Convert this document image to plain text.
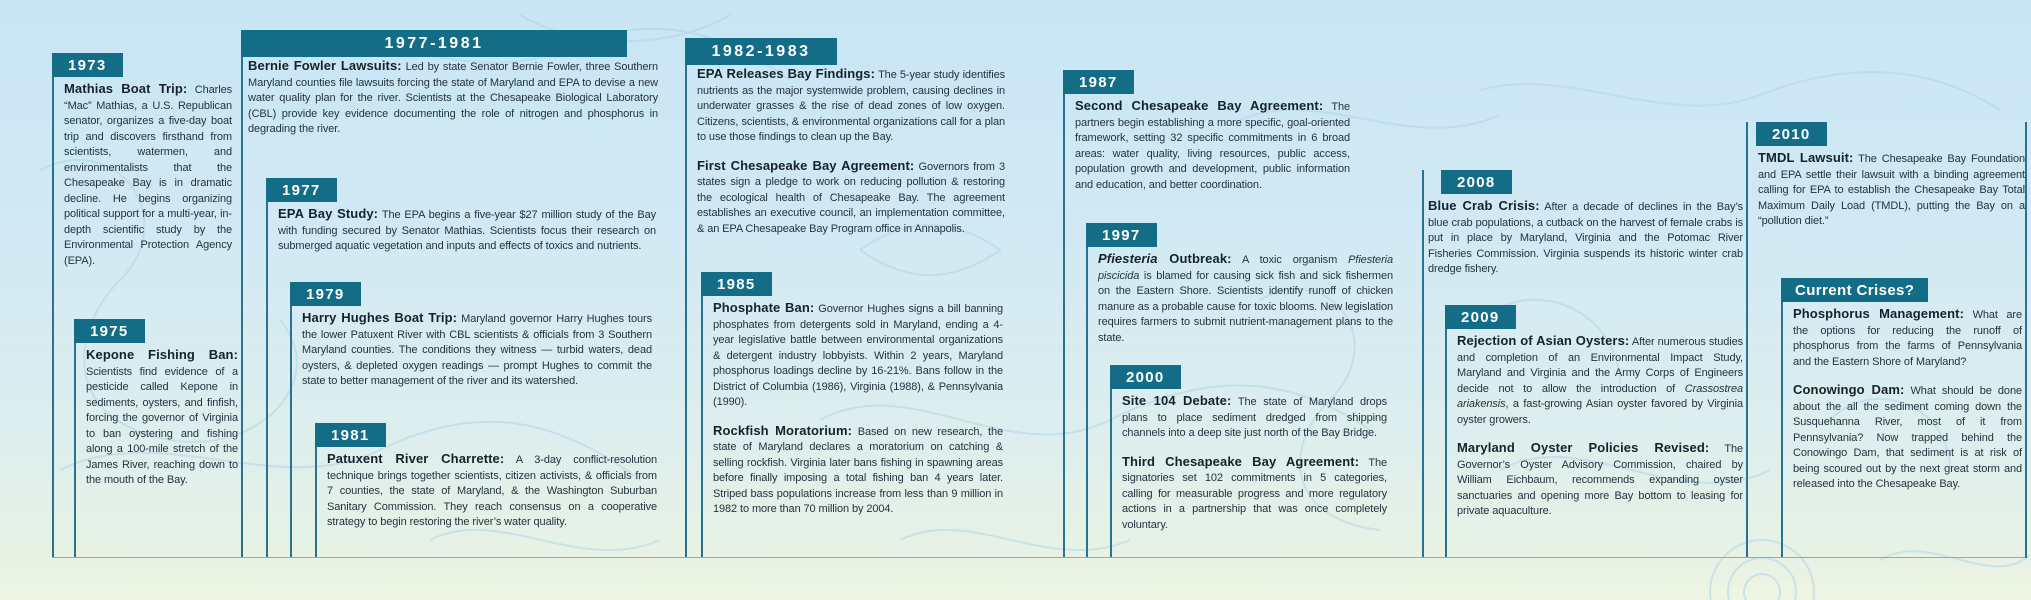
1973

Mathias Boat Trip: Charles “Mac” Mathias, a U.S. Republican senator, organizes a five-day boat trip and discovers firsthand from scientists, watermen, and environmentalists that the Chesapeake Bay is in dramatic decline. He begins organizing political support for a multi-year, in-depth scientific study by the Environmental Protection Agency (EPA).

1975

Kepone Fishing Ban: Scientists find evidence of a pesticide called Kepone in sediments, oysters, and finfish, forcing the governor of Virginia to ban oystering and fishing along a 100-mile stretch of the James River, reaching down to the mouth of the Bay.

1977-1981

Bernie Fowler Lawsuits: Led by state Senator Bernie Fowler, three Southern Maryland counties file lawsuits forcing the state of Maryland and EPA to devise a new water quality plan for the river. Scientists at the Chesapeake Biological Laboratory (CBL) provide key evidence documenting the role of nitrogen and phosphorus in degrading the river.

1977

EPA Bay Study: The EPA begins a five-year $27 million study of the Bay with funding secured by Senator Mathias. Scientists focus their research on submerged aquatic vegetation and inputs and effects of toxics and nutrients.

1979

Harry Hughes Boat Trip: Maryland governor Harry Hughes tours the lower Patuxent River with CBL scientists & officials from 3 Southern Maryland counties. The conditions they witness — turbid waters, dead oysters, & depleted oxygen readings — prompt Hughes to commit the state to better management of the river and its watershed.

1981

Patuxent River Charrette: A 3-day conflict-resolution technique brings together scientists, citizen activists, & officials from 7 counties, the state of Maryland, & the Washington Suburban Sanitary Commission. They reach consensus on a cooperative strategy to begin restoring the river’s water quality.

1982-1983

EPA Releases Bay Findings: The 5-year study identifies nutrients as the major systemwide problem, causing declines in underwater grasses & the rise of dead zones of low oxygen. Citizens, scientists, & environmental organizations call for a plan to use those findings to clean up the Bay.

First Chesapeake Bay Agreement: Governors from 3 states sign a pledge to work on reducing pollution & restoring the ecological health of Chesapeake Bay. The agreement establishes an executive council, an implementation committee, & an EPA Chesapeake Bay Program office in Annapolis.

1985

Phosphate Ban: Governor Hughes signs a bill banning phosphates from detergents sold in Maryland, ending a 4-year legislative battle between environmental organizations & detergent industry lobbyists. Within 2 years, Maryland phosphorus loadings decline by 16-21%. Bans follow in the District of Columbia (1986), Virginia (1988), & Pennsylvania (1990).

Rockfish Moratorium: Based on new research, the state of Maryland declares a moratorium on catching & selling rockfish. Virginia later bans fishing in spawning areas before finally imposing a total fishing ban 4 years later. Striped bass populations increase from less than 9 million in 1982 to more than 70 million by 2004.

1987

Second Chesapeake Bay Agreement: The partners begin establishing a more specific, goal-oriented framework, setting 32 specific commitments in 6 broad areas: water quality, living resources, public access, population growth and development, public information and education, and better coordination.

1997

Pfiesteria Outbreak: A toxic organism Pfiesteria piscicida is blamed for causing sick fish and sick fishermen on the Eastern Shore. Scientists identify runoff of chicken manure as a probable cause for toxic blooms. New legislation requires farmers to submit nutrient-management plans to the state.

2000

Site 104 Debate: The state of Maryland drops plans to place sediment dredged from shipping channels into a deep site just north of the Bay Bridge.

Third Chesapeake Bay Agreement: The signatories set 102 commitments in 5 categories, calling for measurable progress and more regulatory actions in a partnership that was once completely voluntary.

2008

Blue Crab Crisis: After a decade of declines in the Bay’s blue crab populations, a cutback on the harvest of female crabs is put in place by Maryland, Virginia and the Potomac River Fisheries Commission. Virginia suspends its historic winter crab dredge fishery.

2009

Rejection of Asian Oysters: After numerous studies and completion of an Environmental Impact Study, Maryland and Virginia and the Army Corps of Engineers decide not to allow the introduction of Crassostrea ariakensis, a fast-growing Asian oyster favored by Virginia oyster growers.

Maryland Oyster Policies Revised: The Governor’s Oyster Advisory Commission, chaired by William Eichbaum, recommends expanding oyster sanctuaries and opening more Bay bottom to leasing for private aquaculture.

2010

TMDL Lawsuit: The Chesapeake Bay Foundation and EPA settle their lawsuit with a binding agreement calling for EPA to establish the Chesapeake Bay Total Maximum Daily Load (TMDL), putting the Bay on a “pollution diet.”

Current Crises?

Phosphorus Management: What are the options for reducing the runoff of phosphorus from the farms of Pennsylvania and the Eastern Shore of Maryland?

Conowingo Dam: What should be done about the all the sediment coming down the Susquehanna River, most of it from Pennsylvania? Now trapped behind the Conowingo Dam, that sediment is at risk of being scoured out by the next great storm and released into the Chesapeake Bay.
